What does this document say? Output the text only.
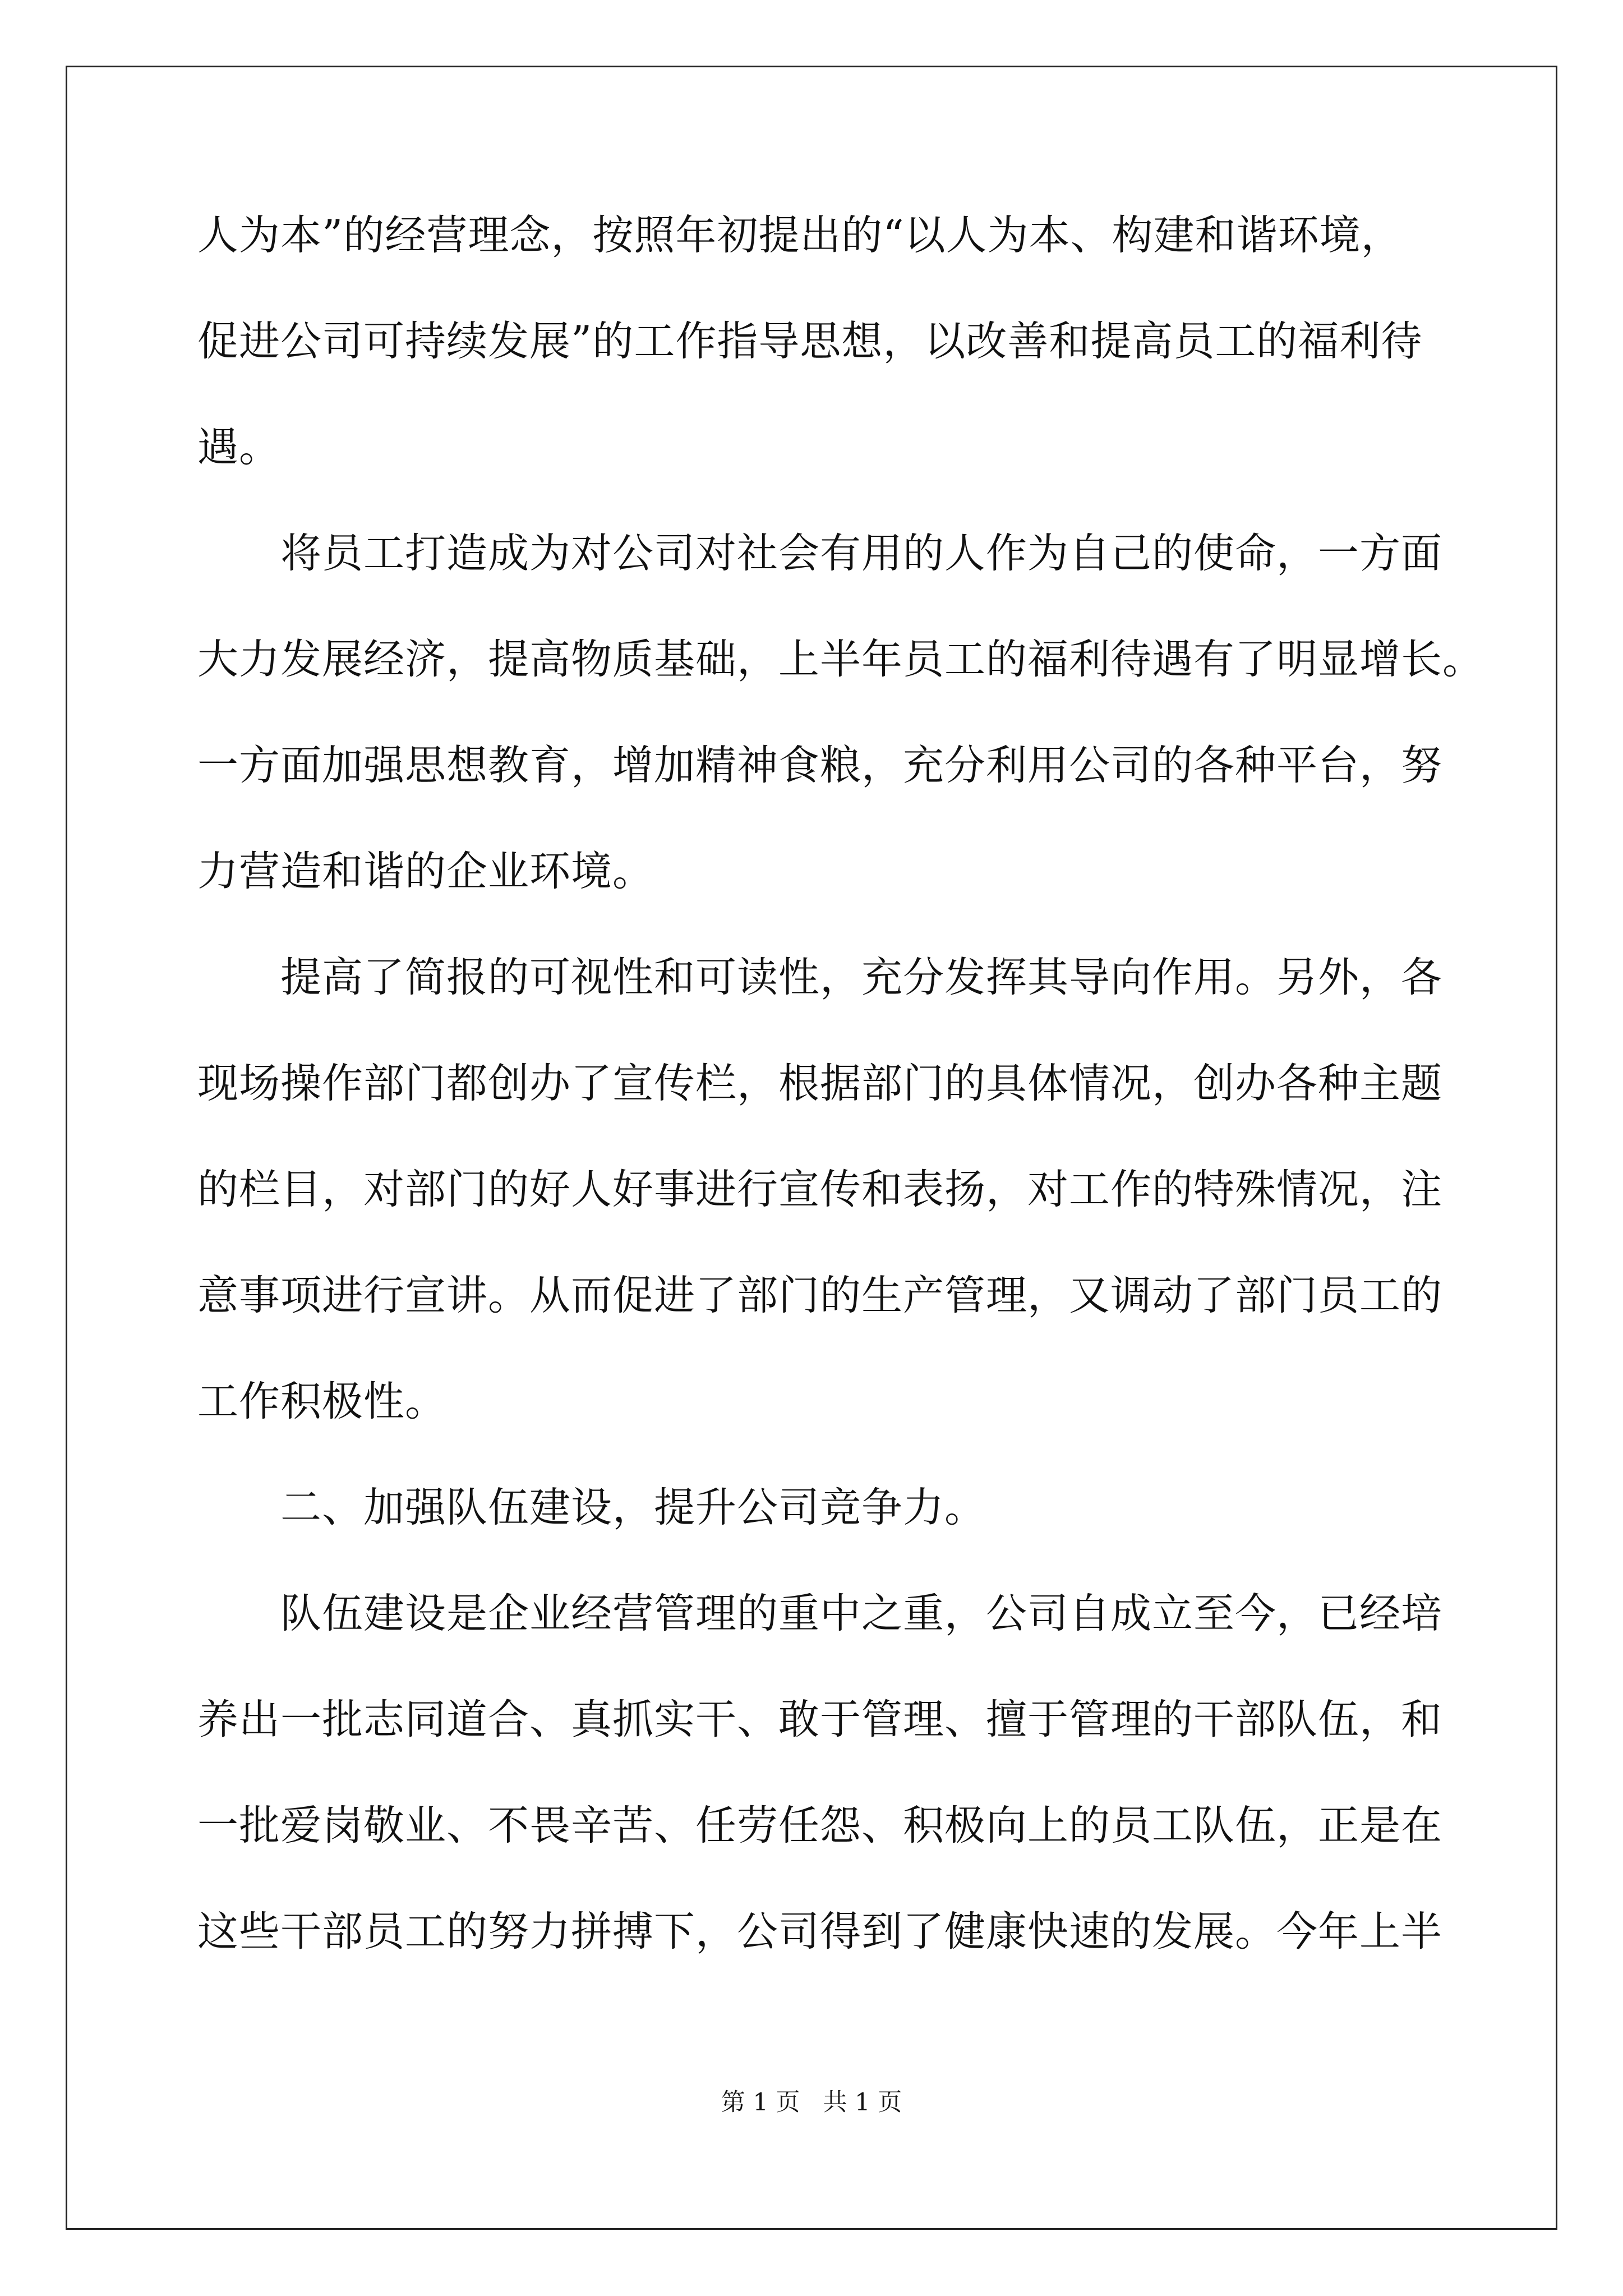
人为本”的经营理念，按照年初提出的“以人为本、构建和谐环境，
促进公司可持续发展”的工作指导思想，以改善和提高员工的福利待
遇。
将员工打造成为对公司对社会有用的人作为自己的使命，一方面
大力发展经济，提高物质基础，上半年员工的福利待遇有了明显增长。
一方面加强思想教育，增加精神食粮，充分利用公司的各种平台，努
力营造和谐的企业环境。
提高了简报的可视性和可读性，充分发挥其导向作用。另外，各
现场操作部门都创办了宣传栏，根据部门的具体情况，创办各种主题
的栏目，对部门的好人好事进行宣传和表扬，对工作的特殊情况，注
意事项进行宣讲。从而促进了部门的生产管理，又调动了部门员工的
工作积极性。
二、加强队伍建设，提升公司竞争力。
队伍建设是企业经营管理的重中之重，公司自成立至今，已经培
养出一批志同道合、真抓实干、敢于管理、擅于管理的干部队伍，和
一批爱岗敬业、不畏辛苦、任劳任怨、积极向上的员工队伍，正是在
这些干部员工的努力拼搏下，公司得到了健康快速的发展。今年上半
第 1 页   共 1 页
